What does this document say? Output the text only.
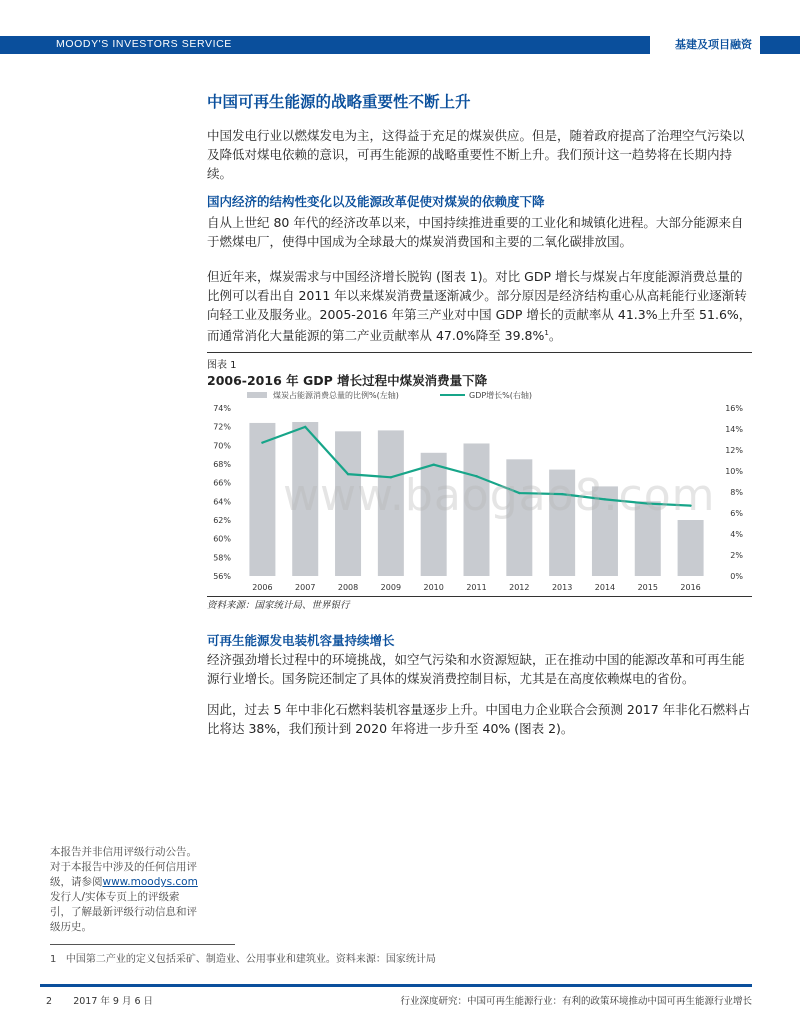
MOODY'S INVESTORS SERVICE	基建及项目融资
中国可再生能源的战略重要性不断上升

中国发电行业以燃煤发电为主，这得益于充足的煤炭供应。但是，随着政府提高了治理空气污染以及降低对煤电依赖的意识，可再生能源的战略重要性不断上升。我们预计这一趋势将在长期内持续。

国内经济的结构性变化以及能源改革促使对煤炭的依赖度下降

自从上世纪 80 年代的经济改革以来，中国持续推进重要的工业化和城镇化进程。大部分能源来自于燃煤电厂，使得中国成为全球最大的煤炭消费国和主要的二氧化碳排放国。

但近年来，煤炭需求与中国经济增长脱钩 (图表 1)。对比 GDP 增长与煤炭占年度能源消费总量的比例可以看出自 2011 年以来煤炭消费量逐渐减少。部分原因是经济结构重心从高耗能行业逐渐转向轻工业及服务业。2005-2016 年第三产业对中国 GDP 增长的贡献率从 41.3%上升至 51.6%，而通常消化大量能源的第二产业贡献率从 47.0%降至 39.8%$^1$。

图表 1
2006-2016 年 GDP 增长过程中煤炭消费量下降
煤炭占能源消费总量的比例%(左轴)	GDP增长%(右轴)
56%
58%
60%
62%
64%
66%
68%
70%
72%
74%
0%
2%
4%
6%
8%
10%
12%
14%
16%
2006	2007	2008	2009	2010	2011	2012	2013	2014	2015	2016
资料来源：国家统计局、世界银行
可再生能源发电装机容量持续增长

经济强劲增长过程中的环境挑战，如空气污染和水资源短缺，正在推动中国的能源改革和可再生能源行业增长。国务院还制定了具体的煤炭消费控制目标，尤其是在高度依赖煤电的省份。

因此，过去 5 年中非化石燃料装机容量逐步上升。中国电力企业联合会预测 2017 年非化石燃料占比将达 38%，我们预计到 2020 年将进一步升至 40% (图表 2)。

本报告并非信用评级行动公告。对于本报告中涉及的任何信用评级，请参阅www.moodys.com发行人/实体专页上的评级索引，了解最新评级行动信息和评级历史。
1 中国第二产业的定义包括采矿、制造业、公用事业和建筑业。资料来源：国家统计局
2 2017 年 9 月 6 日	行业深度研究：中国可再生能源行业：有利的政策环境推动中国可再生能源行业增长
www.baogao8.com
